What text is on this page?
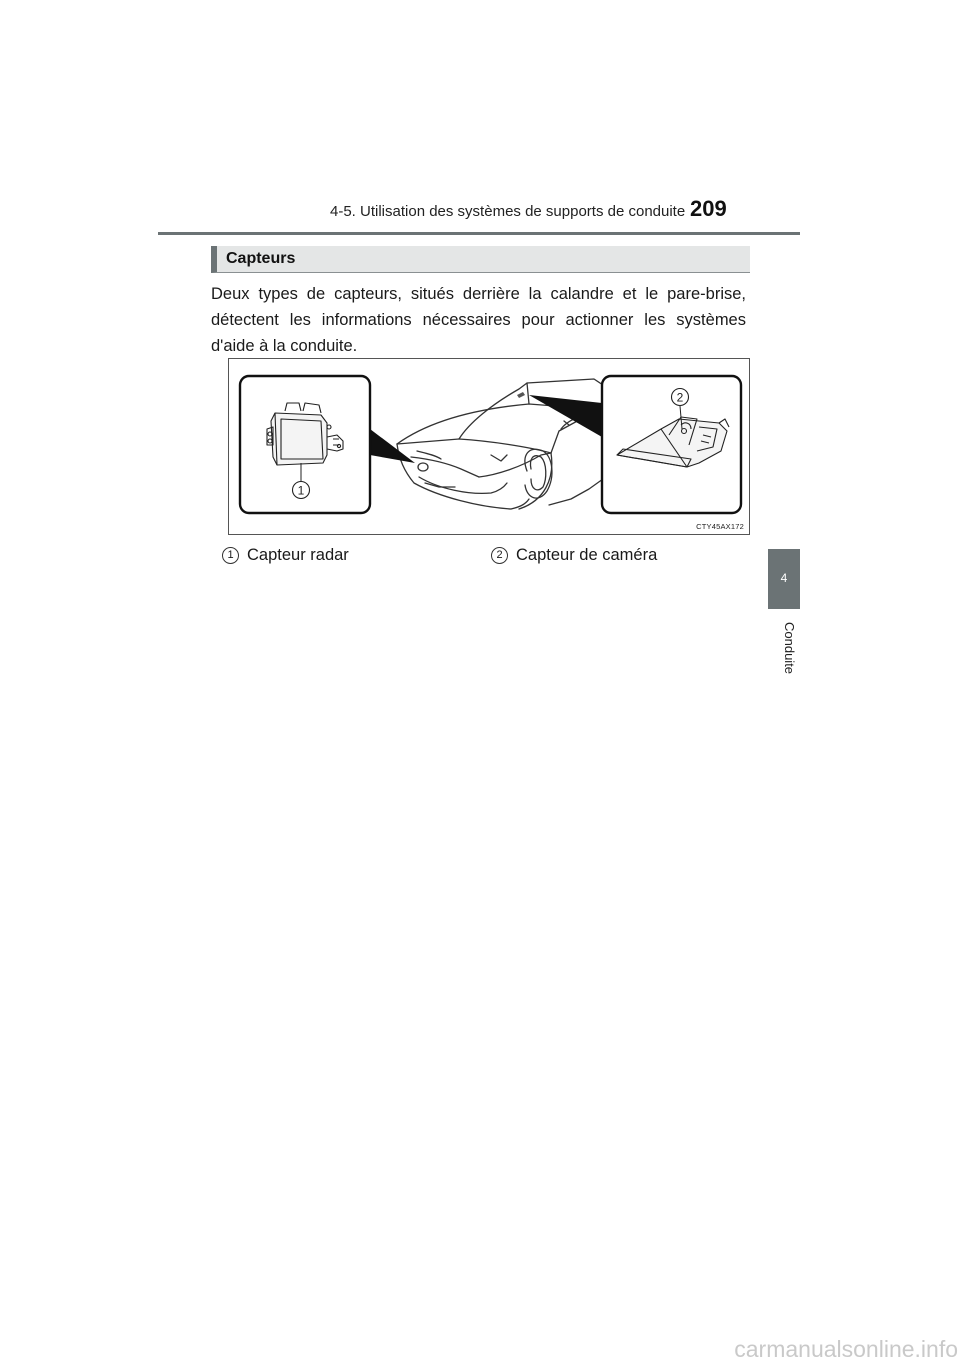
4-5. Utilisation des systèmes de supports de conduite 209
4
Conduite
Capteurs
Deux types de capteurs, situés derrière la calandre et le pare-brise, détectent les informations nécessaires pour actionner les systèmes d'aide à la conduite.
1
2
CTY45AX172
1 Capteur radar	2 Capteur de caméra
carmanualsonline.info
